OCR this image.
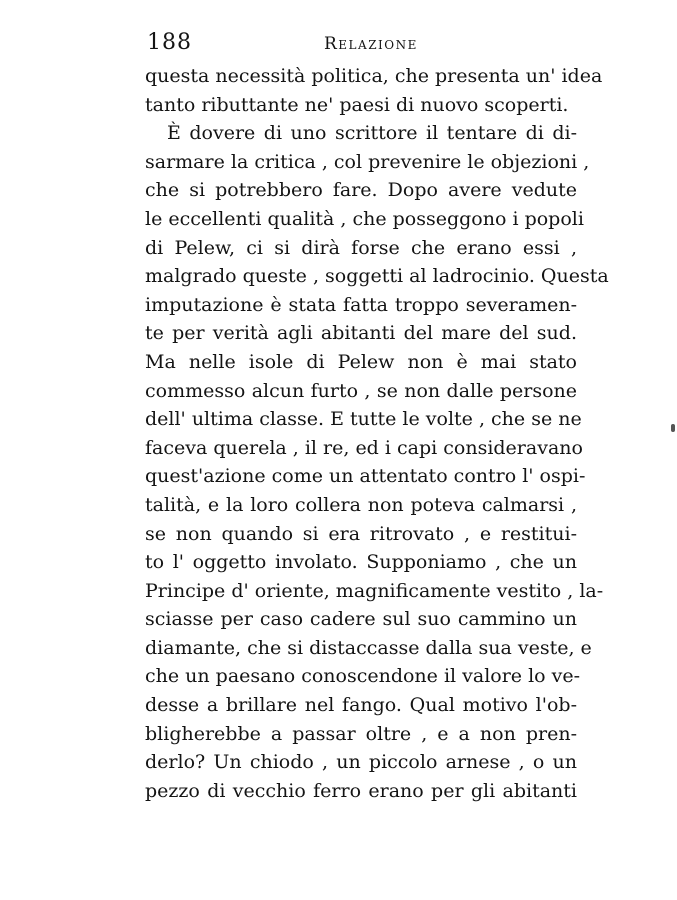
188	Relazione
questa necessità politica, che presenta un' idea
tanto ributtante ne' paesi di nuovo scoperti.
È dovere di uno scrittore il tentare di di-
sarmare la critica , col prevenire le objezioni ,
che si potrebbero fare. Dopo avere vedute
le eccellenti qualità , che posseggono i popoli
di Pelew, ci si dirà forse che erano essi ,
malgrado queste , soggetti al ladrocinio. Questa
imputazione è stata fatta troppo severamen-
te per verità agli abitanti del mare del sud.
Ma nelle isole di Pelew non è mai stato
commesso alcun furto , se non dalle persone
dell' ultima classe. E tutte le volte , che se ne
faceva querela , il re, ed i capi consideravano
quest'azione come un attentato contro l' ospi-
talità, e la loro collera non poteva calmarsi ,
se non quando si era ritrovato , e restitui-
to l' oggetto involato. Supponiamo , che un
Principe d' oriente, magnificamente vestito , la-
sciasse per caso cadere sul suo cammino un
diamante, che si distaccasse dalla sua veste, e
che un paesano conoscendone il valore lo ve-
desse a brillare nel fango. Qual motivo l'ob-
bligherebbe a passar oltre , e a non pren-
derlo? Un chiodo , un piccolo arnese , o un
pezzo di vecchio ferro erano per gli abitanti
